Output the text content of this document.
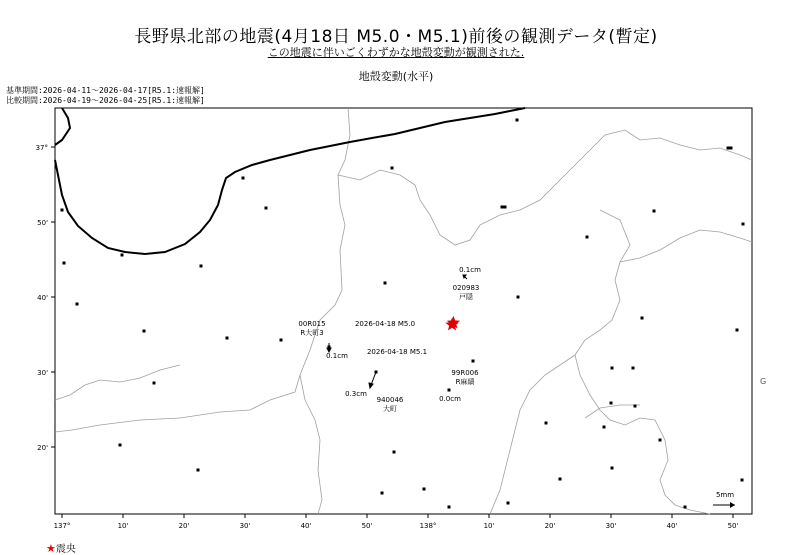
長野県北部の地震(4月18日 M5.0・M5.1)前後の観測データ(暫定)
この地震に伴いごくわずかな地殻変動が観測された.
地殻変動(水平)
基準期間:2026-04-11〜2026-04-17[R5.1:速報解]
比較期間:2026-04-19〜2026-04-25[R5.1:速報解]
0.1cm
020983
戸隠
00R015
R大町3
0.1cm
0.3cm
940046
大町
99R006
R麻績
0.0cm
2026-04-18 M5.0
2026-04-18 M5.1
5mm
137°	10'	20'	30'	40'	50'	138°	10'	20'	30'	40'	50'
37°
50'
40'
30'
20'
G
★震央
